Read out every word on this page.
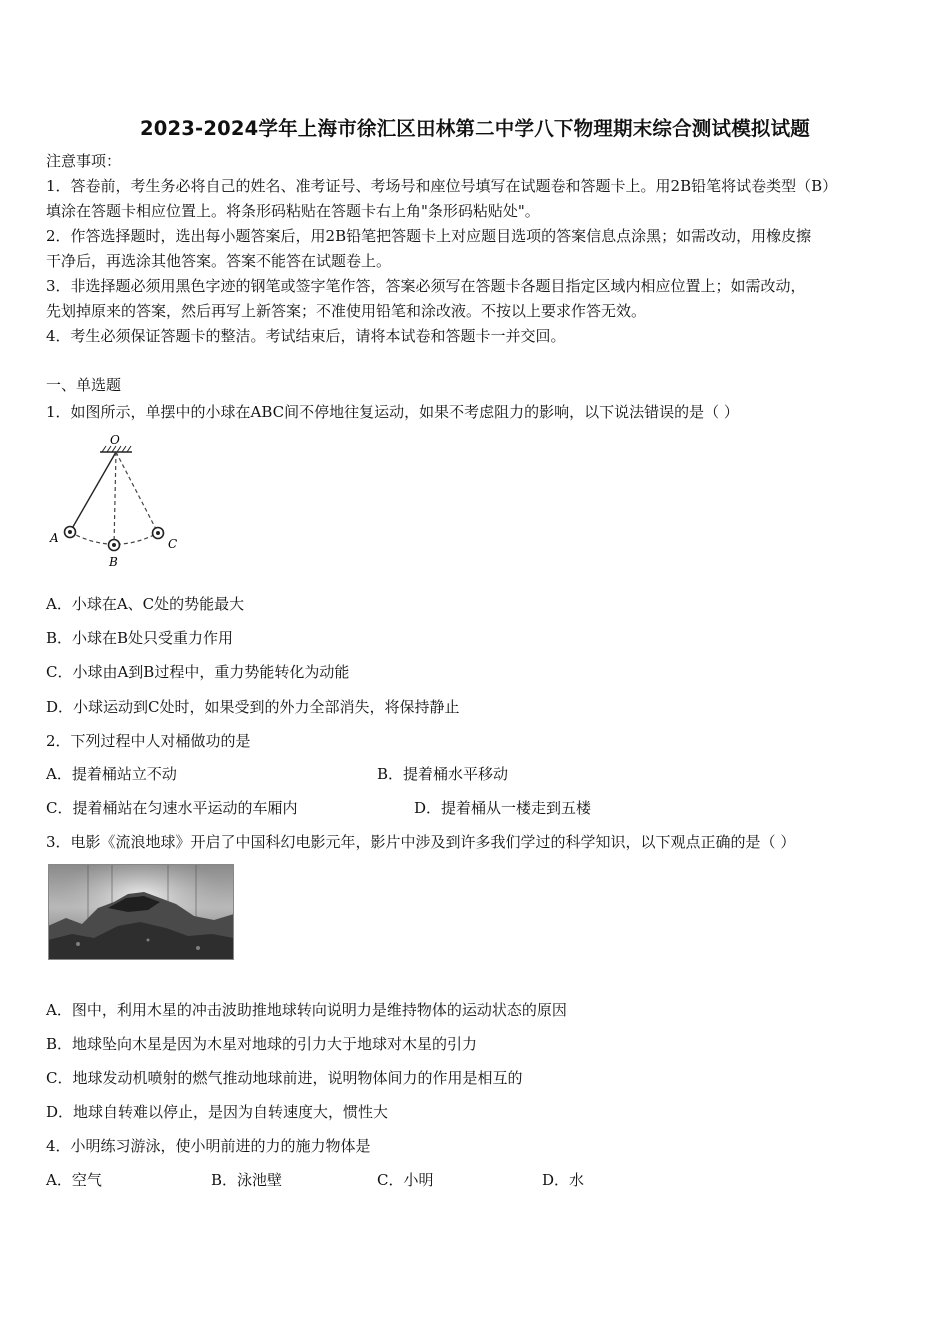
2023-2024学年上海市徐汇区田林第二中学八下物理期末综合测试模拟试题
注意事项：
1．答卷前，考生务必将自己的姓名、准考证号、考场号和座位号填写在试题卷和答题卡上。用2B铅笔将试卷类型（B）
填涂在答题卡相应位置上。将条形码粘贴在答题卡右上角"条形码粘贴处"。
2．作答选择题时，选出每小题答案后，用2B铅笔把答题卡上对应题目选项的答案信息点涂黑；如需改动，用橡皮擦
干净后，再选涂其他答案。答案不能答在试题卷上。
3．非选择题必须用黑色字迹的钢笔或签字笔作答，答案必须写在答题卡各题目指定区域内相应位置上；如需改动，
先划掉原来的答案，然后再写上新答案；不准使用铅笔和涂改液。不按以上要求作答无效。
4．考生必须保证答题卡的整洁。考试结束后，请将本试卷和答题卡一并交回。
一、单选题
1．如图所示，单摆中的小球在ABC间不停地往复运动，如果不考虑阻力的影响，以下说法错误的是（ ）
O
A
B
C
A．小球在A、C处的势能最大
B．小球在B处只受重力作用
C．小球由A到B过程中，重力势能转化为动能
D．小球运动到C处时，如果受到的外力全部消失，将保持静止
2．下列过程中人对桶做功的是
A．提着桶站立不动	B．提着桶水平移动
C．提着桶站在匀速水平运动的车厢内	D．提着桶从一楼走到五楼
3．电影《流浪地球》开启了中国科幻电影元年，影片中涉及到许多我们学过的科学知识，以下观点正确的是（ ）
A．图中，利用木星的冲击波助推地球转向说明力是维持物体的运动状态的原因
B．地球坠向木星是因为木星对地球的引力大于地球对木星的引力
C．地球发动机喷射的燃气推动地球前进，说明物体间力的作用是相互的
D．地球自转难以停止，是因为自转速度大，惯性大
4．小明练习游泳，使小明前进的力的施力物体是
A．空气	B．泳池壁	C．小明	D．水
